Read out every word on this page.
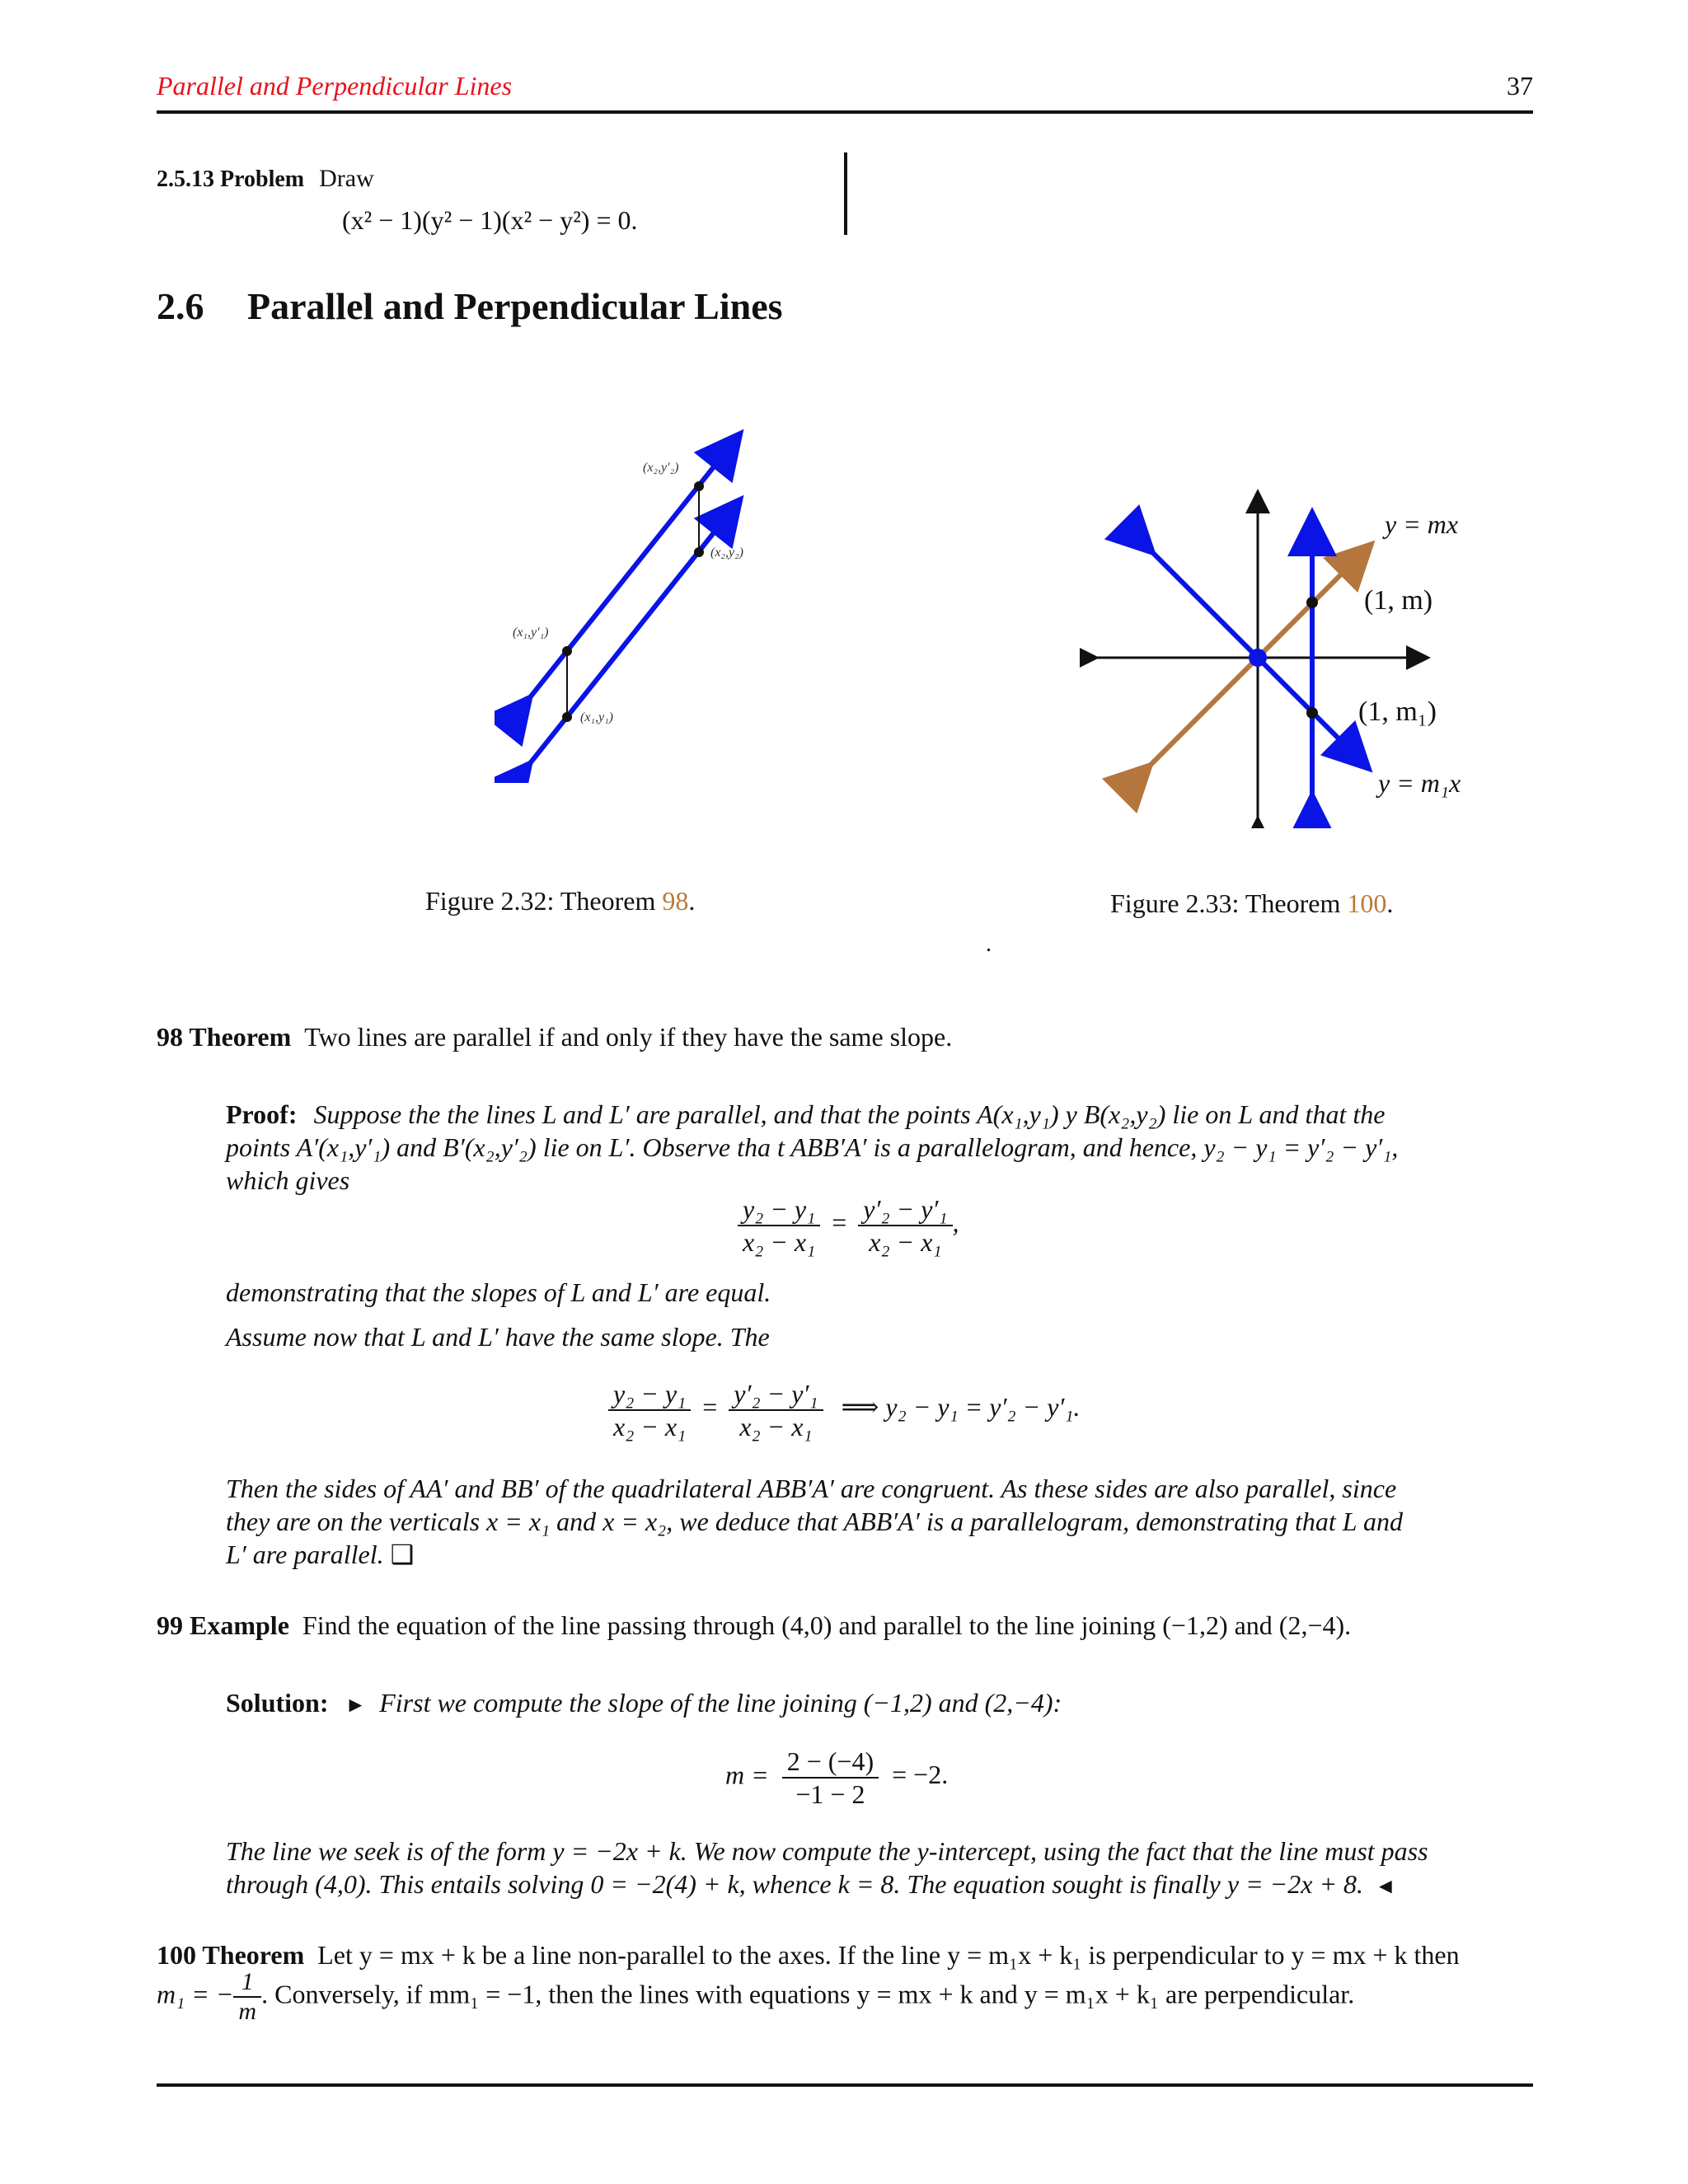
Parallel and Perpendicular Lines	37
2.5.13 Problem Draw
(x² − 1)(y² − 1)(x² − y²) = 0.
2.6 Parallel and Perpendicular Lines
(x₂,y′₂)
(x₂,y₂)
(x₁,y′₁)
(x₁,y₁)
Figure 2.32: Theorem 98.
y = mx
(1, m)
(1, m₁)
y = m₁x
Figure 2.33: Theorem 100.
.
98 Theorem Two lines are parallel if and only if they have the same slope.
Proof: Suppose the the lines L and L′ are parallel, and that the points A(x₁,y₁) y B(x₂,y₂) lie on L and that the
points A′(x₁,y′₁) and B′(x₂,y′₂) lie on L′. Observe tha t ABB′A′ is a parallelogram, and hence, y₂ − y₁ = y′₂ − y′₁,
which gives
$\frac{\text{y₂ − y₁}}{\text{x₂ − x₁}} = \frac{\text{y′₂ − y′₁}}{\text{x₂ − x₁}}$ ,
demonstrating that the slopes of L and L′ are equal.
Assume now that L and L′ have the same slope. The
$\frac{\text{y₂ − y₁}}{\text{x₂ − x₁}} = \frac{\text{y′₂ − y′₁}}{\text{x₂ − x₁}}$ ⟹ y₂ − y₁ = y′₂ − y′₁.
Then the sides of AA′ and BB′ of the quadrilateral ABB′A′ are congruent. As these sides are also parallel, since
they are on the verticals x = x₁ and x = x₂, we deduce that ABB′A′ is a parallelogram, demonstrating that L and
L′ are parallel. ❑
99 Example Find the equation of the line passing through (4,0) and parallel to the line joining (−1,2) and (2,−4).
Solution: ► First we compute the slope of the line joining (−1,2) and (2,−4):
$m = \frac{2 - (-4)}{-1 - 2} = -2$.
The line we seek is of the form y = −2x + k. We now compute the y-intercept, using the fact that the line must pass
through (4,0). This entails solving 0 = −2(4) + k, whence k = 8. The equation sought is finally y = −2x + 8. ◄
100 Theorem Let y = mx + k be a line non-parallel to the axes. If the line y = m₁x + k₁ is perpendicular to y = mx + k then
m₁ = − $\frac{1}{m}$ . Conversely, if mm₁ = −1, then the lines with equations y = mx + k and y = m₁x + k₁ are perpendicular.
